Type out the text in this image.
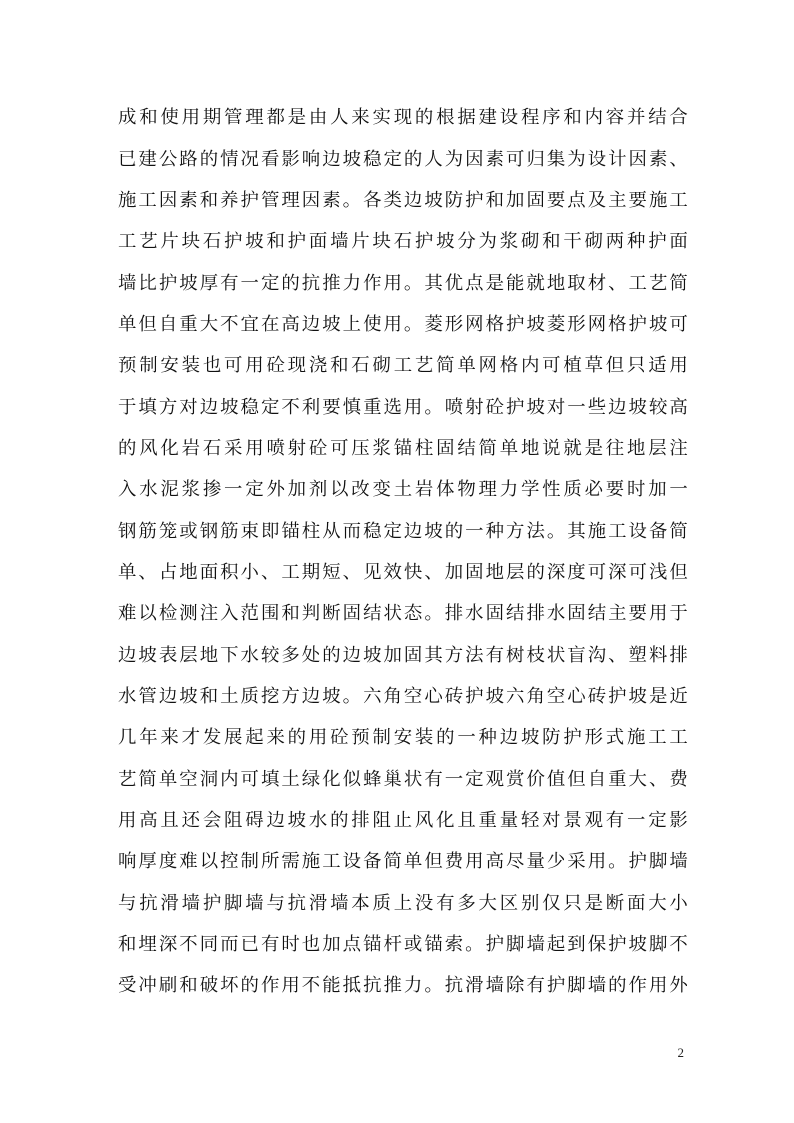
成和使用期管理都是由人来实现的根据建设程序和内容并结合
已建公路的情况看影响边坡稳定的人为因素可归集为设计因素、
施工因素和养护管理因素。各类边坡防护和加固要点及主要施工
工艺片块石护坡和护面墙片块石护坡分为浆砌和干砌两种护面
墙比护坡厚有一定的抗推力作用。其优点是能就地取材、工艺简
单但自重大不宜在高边坡上使用。菱形网格护坡菱形网格护坡可
预制安装也可用砼现浇和石砌工艺简单网格内可植草但只适用
于填方对边坡稳定不利要慎重选用。喷射砼护坡对一些边坡较高
的风化岩石采用喷射砼可压浆锚柱固结简单地说就是往地层注
入水泥浆掺一定外加剂以改变土岩体物理力学性质必要时加一
钢筋笼或钢筋束即锚柱从而稳定边坡的一种方法。其施工设备简
单、占地面积小、工期短、见效快、加固地层的深度可深可浅但
难以检测注入范围和判断固结状态。排水固结排水固结主要用于
边坡表层地下水较多处的边坡加固其方法有树枝状盲沟、塑料排
水管边坡和土质挖方边坡。六角空心砖护坡六角空心砖护坡是近
几年来才发展起来的用砼预制安装的一种边坡防护形式施工工
艺简单空洞内可填土绿化似蜂巢状有一定观赏价值但自重大、费
用高且还会阻碍边坡水的排阻止风化且重量轻对景观有一定影
响厚度难以控制所需施工设备简单但费用高尽量少采用。护脚墙
与抗滑墙护脚墙与抗滑墙本质上没有多大区别仅只是断面大小
和埋深不同而已有时也加点锚杆或锚索。护脚墙起到保护坡脚不
受冲刷和破坏的作用不能抵抗推力。抗滑墙除有护脚墙的作用外
2
